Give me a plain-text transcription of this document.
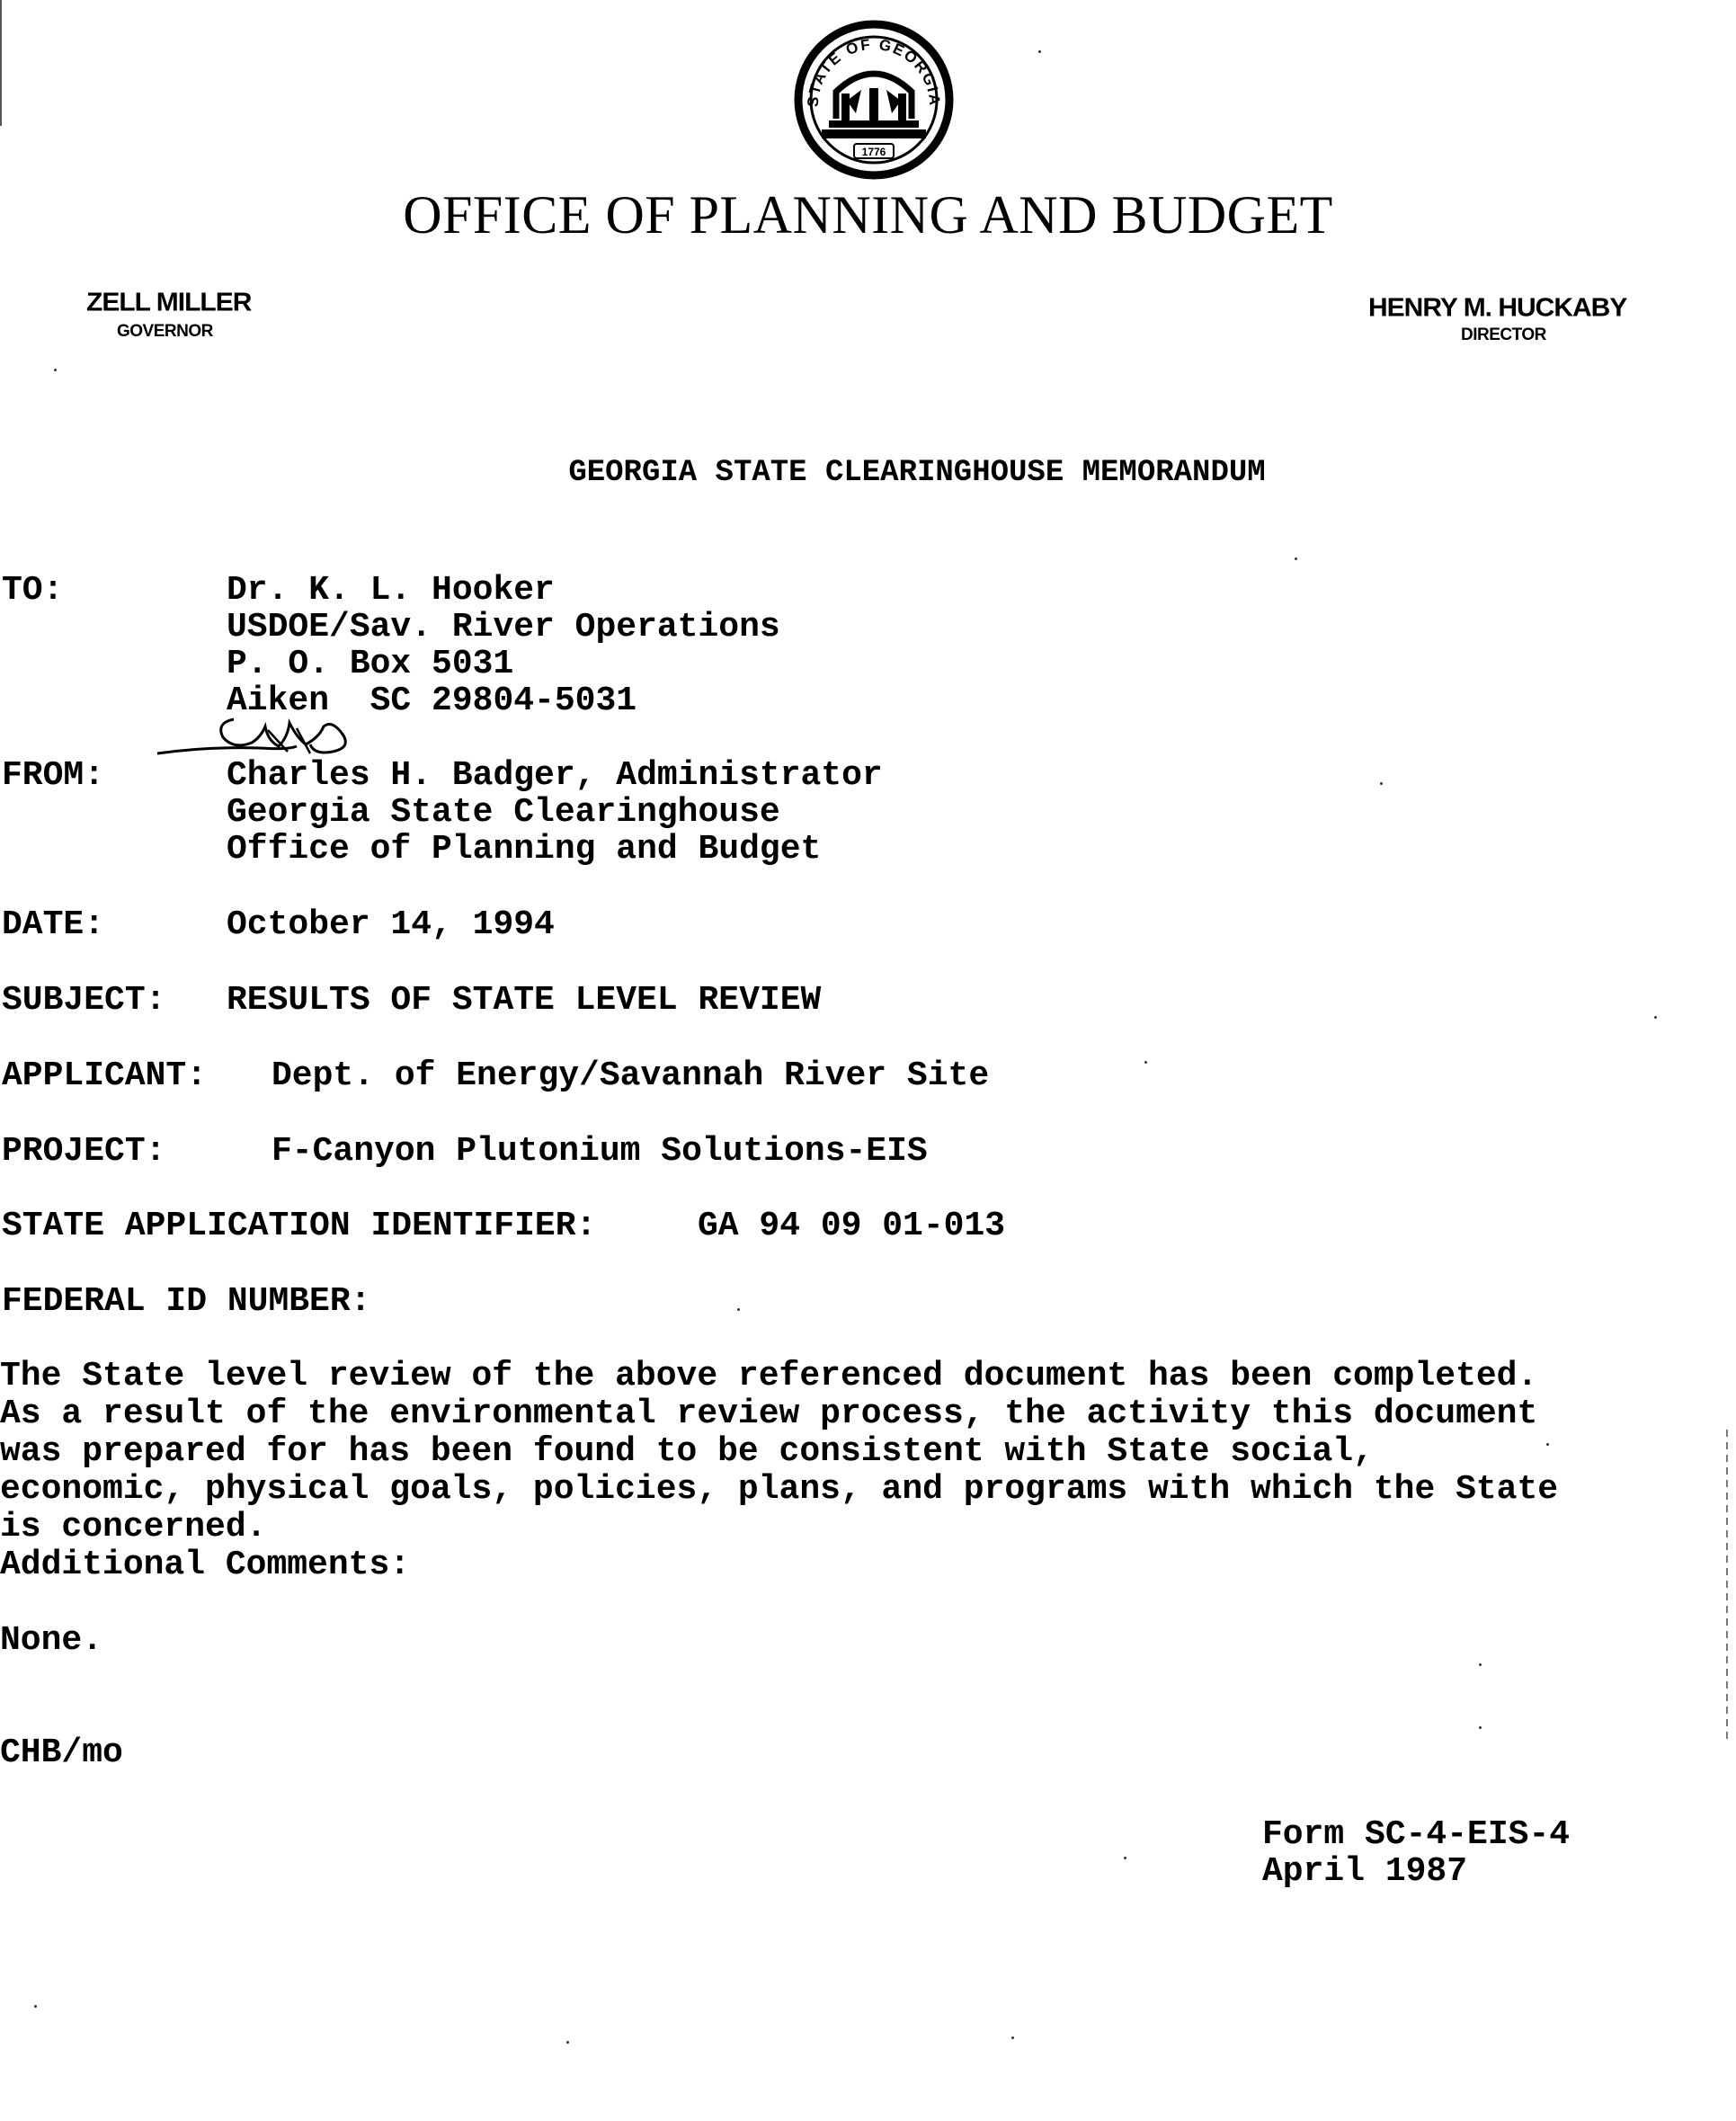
STATE OF GEORGIA
1776
OFFICE OF PLANNING AND BUDGET
ZELL MILLER
GOVERNOR
HENRY M. HUCKABY
DIRECTOR
GEORGIA STATE CLEARINGHOUSE MEMORANDUM
TO:	Dr. K. L. Hooker
USDOE/Sav. River Operations
P. O. Box 5031
Aiken  SC 29804-5031
FROM:	Charles H. Badger, Administrator
Georgia State Clearinghouse
Office of Planning and Budget
DATE:	October 14, 1994
SUBJECT: RESULTS OF STATE LEVEL REVIEW
APPLICANT: Dept. of Energy/Savannah River Site
PROJECT:	F-Canyon Plutonium Solutions-EIS
STATE APPLICATION IDENTIFIER:	GA 94 09 01-013
FEDERAL ID NUMBER:
The State level review of the above referenced document has been completed.
As a result of the environmental review process, the activity this document
was prepared for has been found to be consistent with State social,
economic, physical goals, policies, plans, and programs with which the State
is concerned.
Additional Comments:
None.
CHB/mo
Form SC-4-EIS-4
April 1987
